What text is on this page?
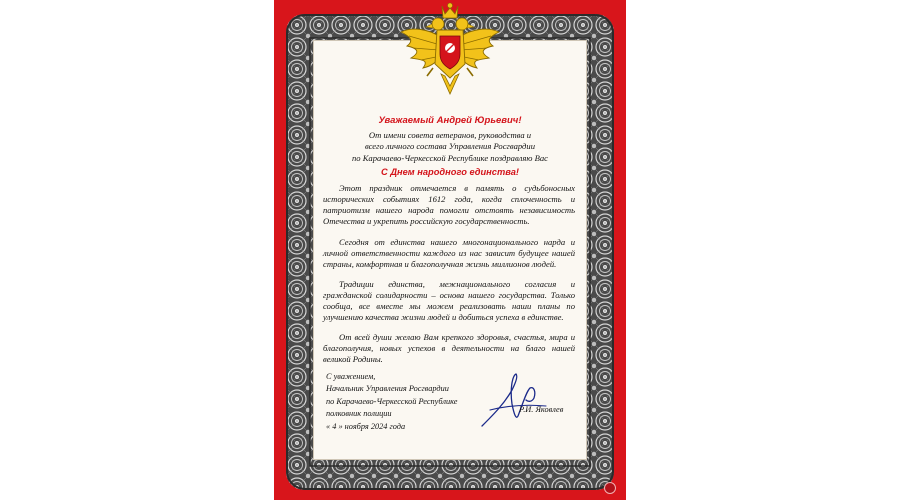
Уважаемый Андрей Юрьевич!

От имени совета ветеранов, руководства и

всего личного состава Управления Росгвардии

по Карачаево-Черкесской Республике поздравляю Вас

С Днем народного единства!

Этот праздник отмечается в память о судьбоносных исторических событиях 1612 года, когда сплоченность и патриотизм нашего народа помогли отстоять независимость Отечества и укрепить российскую государственность.

Сегодня от единства нашего многонационального нарда и личной ответственности каждого из нас зависит будущее нашей страны, комфортная и благополучная жизнь миллионов людей.

Традиции единства, межнационального согласия и гражданской солидарности – основа нашего государства. Только сообща, все вместе мы можем реализовать наши планы по улучшению качества жизни людей и добиться успеха в единстве.

От всей души желаю Вам крепкого здоровья, счастья, мира и благополучия, новых успехов в деятельности на благо нашей великой Родины.

С уважением,

Начальник Управления Росгвардии

по Карачаево-Черкесской Республике

полковник полиции

« 4 » ноября 2024 года

Р.И. Яковлев
